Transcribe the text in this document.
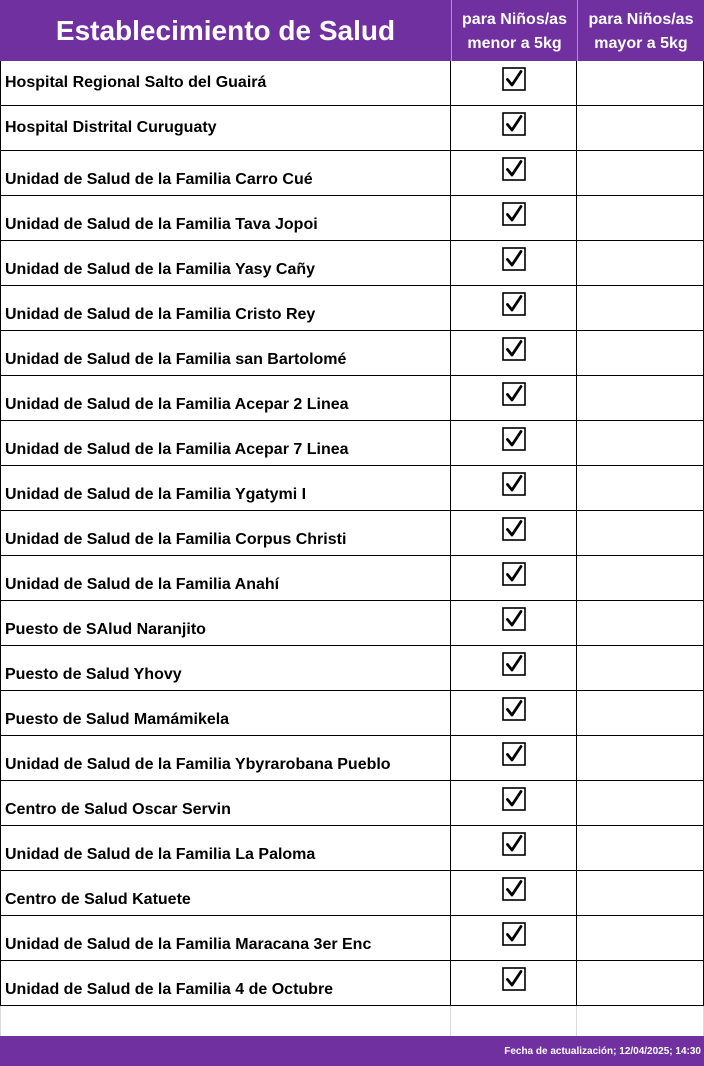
Establecimiento de Salud	para Niños/as
menor a 5kg
para Niños/as
mayor a 5kg
Hospital Regional Salto del Guairá
Hospital Distrital Curuguaty
Unidad de Salud de la Familia Carro Cué
Unidad de Salud de la Familia Tava Jopoi
Unidad de Salud de la Familia Yasy Cañy
Unidad de Salud de la Familia Cristo Rey
Unidad de Salud de la Familia san Bartolomé
Unidad de Salud de la Familia Acepar 2 Linea
Unidad de Salud de la Familia Acepar 7 Linea
Unidad de Salud de la Familia Ygatymi I
Unidad de Salud de la Familia Corpus Christi
Unidad de Salud de la Familia Anahí
Puesto de SAlud Naranjito
Puesto de Salud Yhovy
Puesto de Salud Mamámikela
Unidad de Salud de la Familia Ybyrarobana Pueblo
Centro de Salud Oscar Servin
Unidad de Salud de la Familia La Paloma
Centro de Salud Katuete
Unidad de Salud de la Familia Maracana 3er Enc
Unidad de Salud de la Familia 4 de Octubre
Fecha de actualización; 12/04/2025; 14:30
